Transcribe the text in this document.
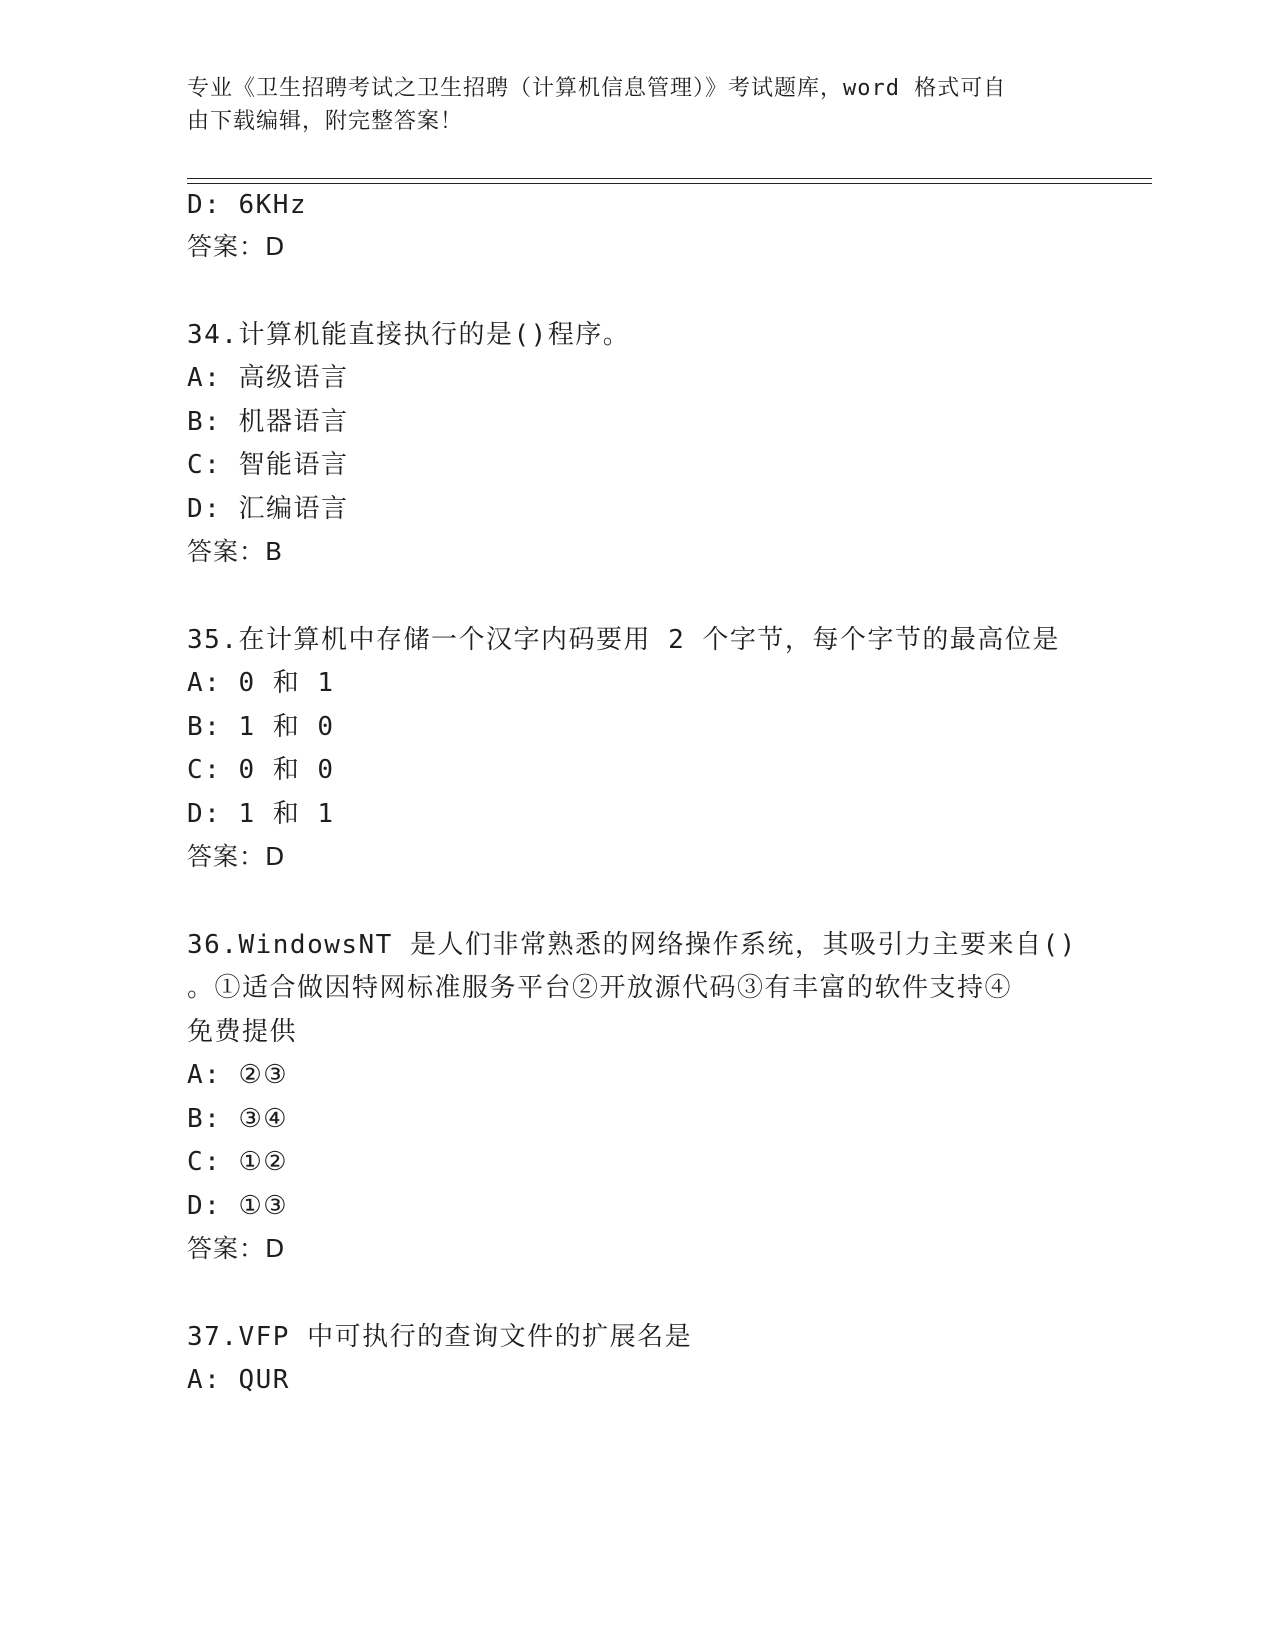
专业《卫生招聘考试之卫生招聘（计算机信息管理）》考试题库，word 格式可自
由下载编辑，附完整答案！
D: 6KHz
答案：D
34.计算机能直接执行的是()程序。
A: 高级语言
B: 机器语言
C: 智能语言
D: 汇编语言
答案：B
35.在计算机中存储一个汉字内码要用 2 个字节，每个字节的最高位是
A: 0 和 1
B: 1 和 0
C: 0 和 0
D: 1 和 1
答案：D
36.WindowsNT 是人们非常熟悉的网络操作系统，其吸引力主要来自()
。①适合做因特网标准服务平台②开放源代码③有丰富的软件支持④
免费提供
A: ②③
B: ③④
C: ①②
D: ①③
答案：D
37.VFP 中可执行的查询文件的扩展名是
A: QUR
